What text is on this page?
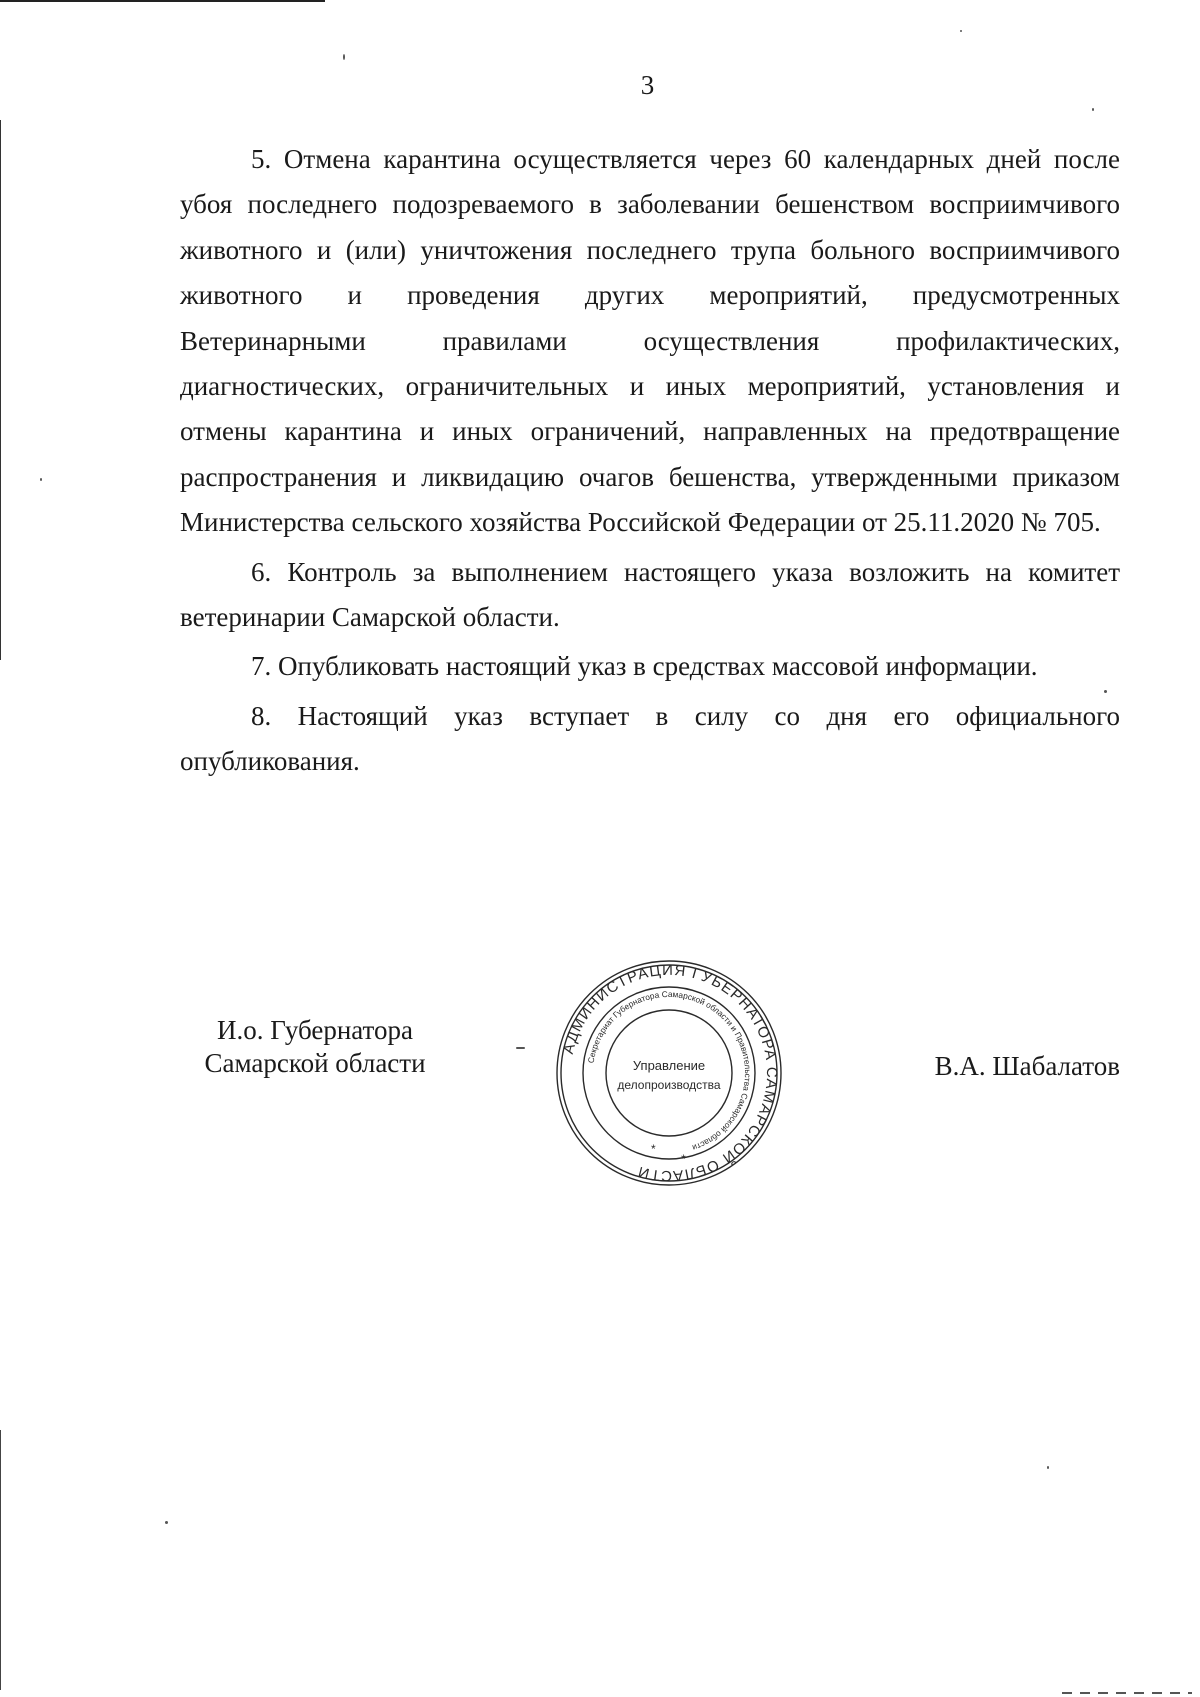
3

5. Отмена карантина осуществляется через 60 календарных дней после убоя последнего подозреваемого в заболевании бешенством восприимчивого животного и (или) уничтожения последнего трупа больного восприимчивого животного и проведения других мероприятий, предусмотренных Ветеринарными правилами осуществления профилактических, диагностических, ограничительных и иных мероприятий, установления и отмены карантина и иных ограничений, направленных на предотвращение распространения и ликвидацию очагов бешенства, утвержденными приказом Министерства сельского хозяйства Российской Федерации от 25.11.2020 № 705.

6. Контроль за выполнением настоящего указа возложить на комитет ветеринарии Самарской области.

7. Опубликовать настоящий указ в средствах массовой информации.

8. Настоящий указ вступает в силу со дня его официального опубликования.

И.о. Губернатора
Самарской области
АДМИНИСТРАЦИЯ ГУБЕРНАТОРА САМАРСКОЙ ОБЛАСТИ
Секретариат Губернатора Самарской области и Правительства Самарской области
Управление
делопроизводства
*
*
В.А. Шабалатов
